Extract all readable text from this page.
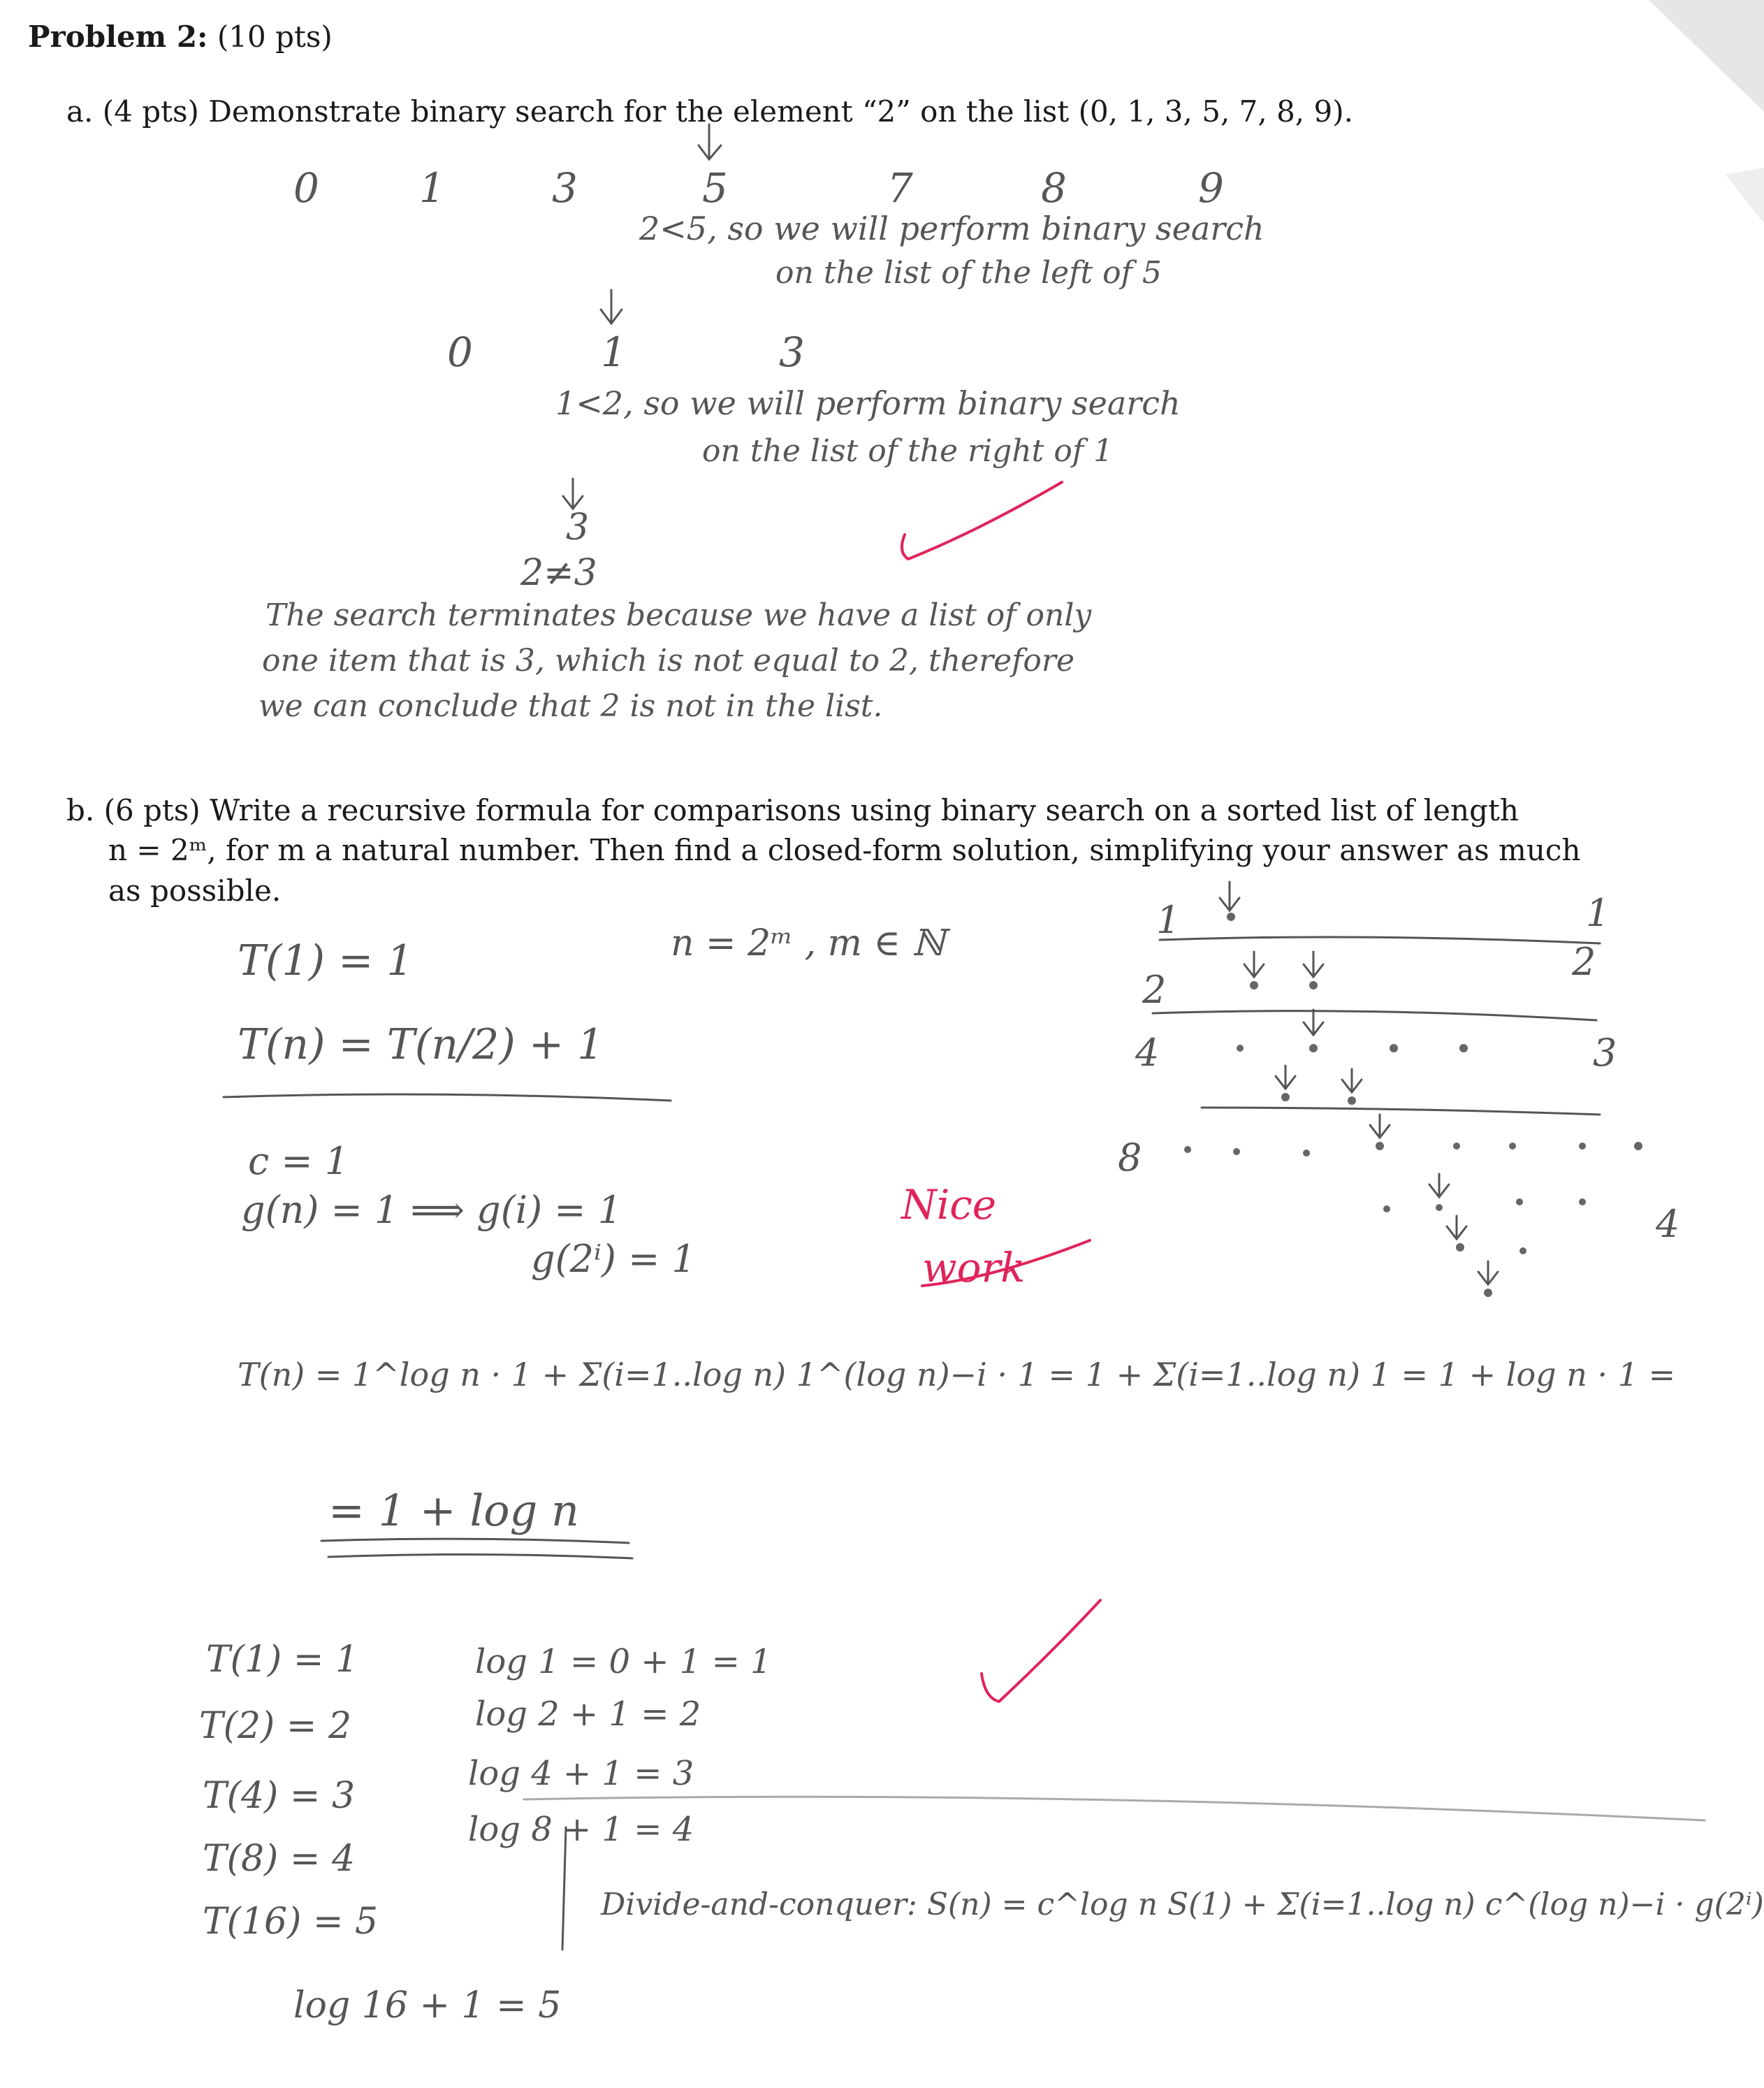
Problem 2: (10 pts)
a. (4 pts) Demonstrate binary search for the element “2” on the list (0, 1, 3, 5, 7, 8, 9).
0 1	3	5	7	8	9
2<5, so we will perform binary search
on the list of the left of 5
0	1	3
1<2, so we will perform binary search
on the list of the right of 1
3
2≠3
The search terminates because we have a list of only
one item that is 3, which is not equal to 2, therefore
we can conclude that 2 is not in the list.
b. (6 pts) Write a recursive formula for comparisons using binary search on a sorted list of length
n = 2ᵐ, for m a natural number. Then find a closed-form solution, simplifying your answer as much
as possible.
T(1) = 1
T(n) = T(n/2) + 1
n = 2ᵐ , m ∈ ℕ
c = 1
g(n) = 1 ⟹ g(i) = 1
g(2ⁱ) = 1
Nice
work
T(n) = 1^log n · 1 + Σ(i=1..log n) 1^(log n)−i · 1 = 1 + Σ(i=1..log n) 1 = 1 + log n · 1 =
= 1 + log n
1
2
4
8
1
2
3
4
T(1) = 1
T(2) = 2
T(4) = 3
T(8) = 4
T(16) = 5
log 1 = 0 + 1 = 1
log 2 + 1 = 2
log 4 + 1 = 3
log 8 + 1 = 4
log 16 + 1 = 5
Divide-and-conquer: S(n) = c^log n S(1) + Σ(i=1..log n) c^(log n)−i · g(2ⁱ)
